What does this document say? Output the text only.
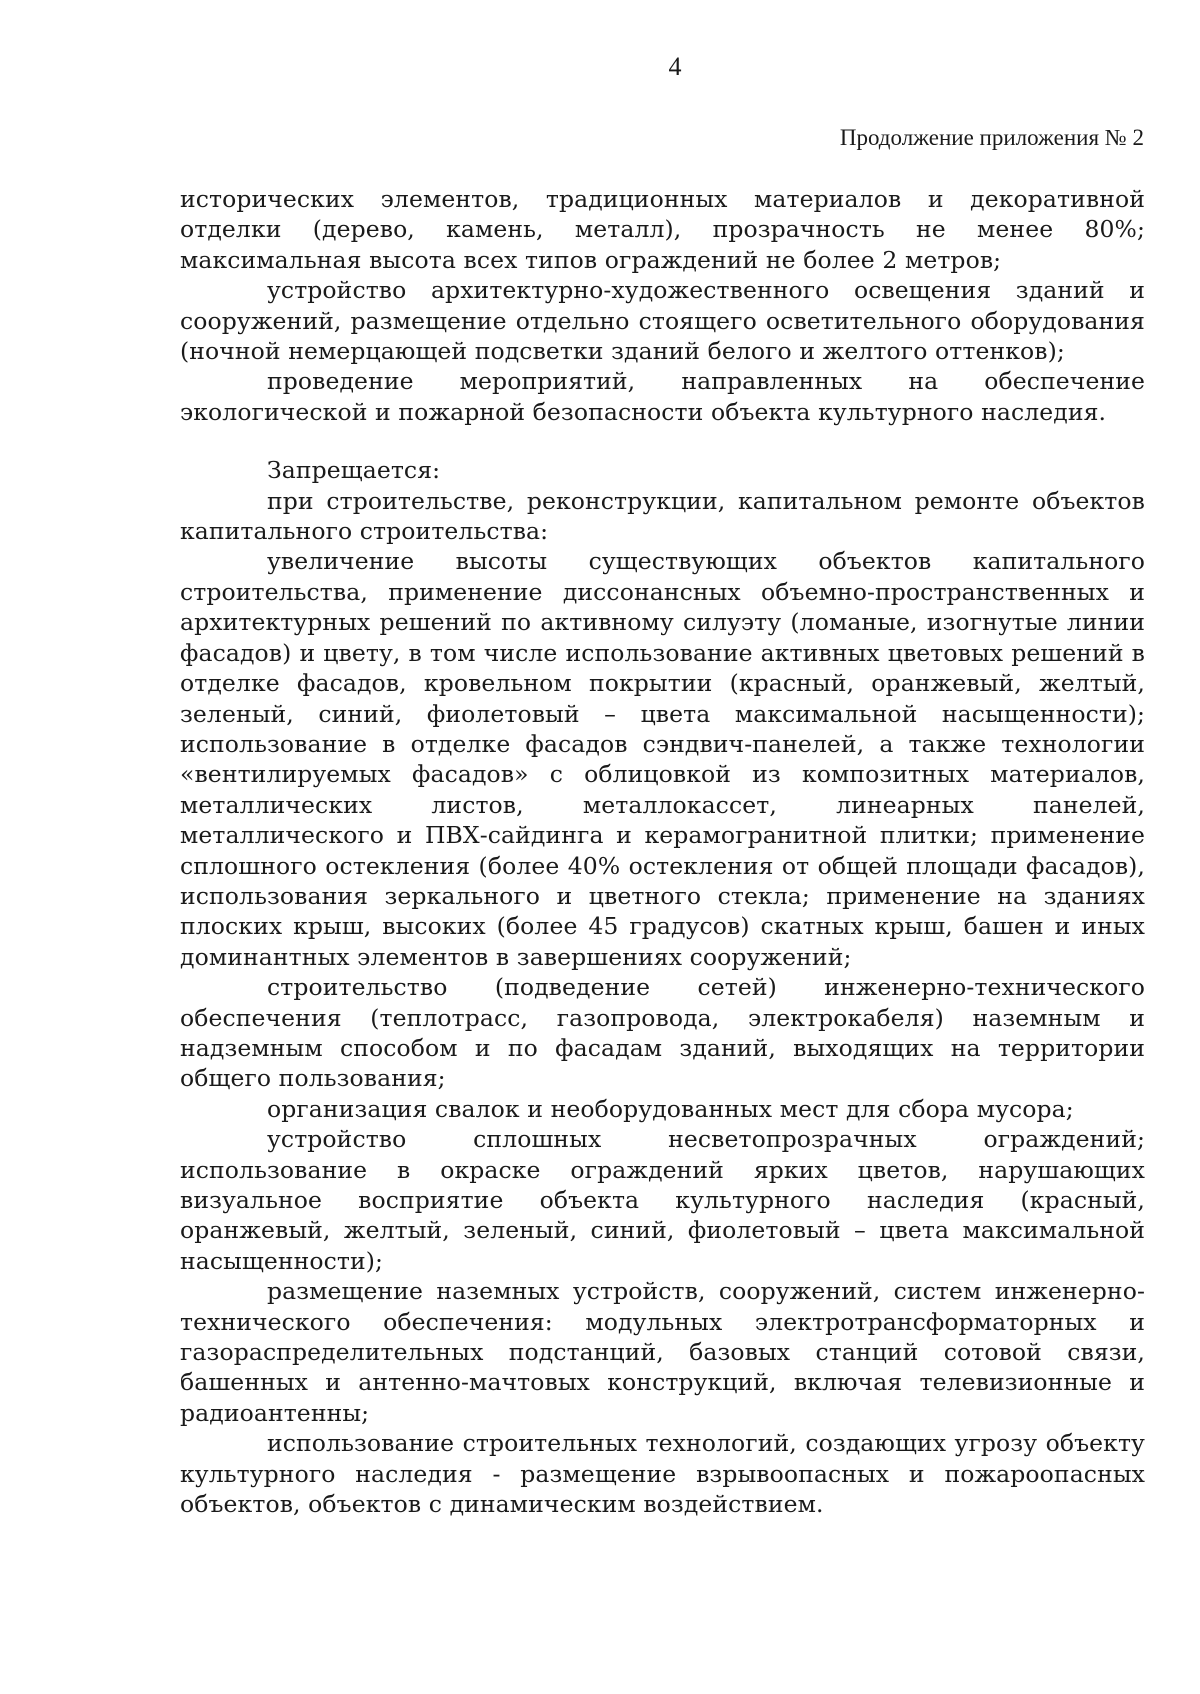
4
Продолжение приложения № 2

исторических элементов, традиционных материалов и декоративной отделки (дерево, камень, металл), прозрачность не менее 80%; максимальная высота всех типов ограждений не более 2 метров;

устройство архитектурно-художественного освещения зданий и сооружений, размещение отдельно стоящего осветительного оборудования (ночной немерцающей подсветки зданий белого и желтого оттенков);

проведение мероприятий, направленных на обеспечение экологической и пожарной безопасности объекта культурного наследия.

Запрещается:

при строительстве, реконструкции, капитальном ремонте объектов капитального строительства:

увеличение высоты существующих объектов капитального строительства, применение диссонансных объемно-пространственных и архитектурных решений по активному силуэту (ломаные, изогнутые линии фасадов) и цвету, в том числе использование активных цветовых решений в отделке фасадов, кровельном покрытии (красный, оранжевый, желтый, зеленый, синий, фиолетовый – цвета максимальной насыщенности); использование в отделке фасадов сэндвич-панелей, а также технологии «вентилируемых фасадов» с облицовкой из композитных материалов, металлических листов, металлокассет, линеарных панелей, металлического и ПВХ-сайдинга и керамогранитной плитки; применение сплошного остекления (более 40% остекления от общей площади фасадов), использования зеркального и цветного стекла; применение на зданиях плоских крыш, высоких (более 45 градусов) скатных крыш, башен и иных доминантных элементов в завершениях сооружений;

строительство (подведение сетей) инженерно-технического обеспечения (теплотрасс, газопровода, электрокабеля) наземным и надземным способом и по фасадам зданий, выходящих на территории общего пользования;

организация свалок и необорудованных мест для сбора мусора;

устройство сплошных несветопрозрачных ограждений; использование в окраске ограждений ярких цветов, нарушающих визуальное восприятие объекта культурного наследия (красный, оранжевый, желтый, зеленый, синий, фиолетовый – цвета максимальной насыщенности);

размещение наземных устройств, сооружений, систем инженерно-технического обеспечения: модульных электротрансформаторных и газораспределительных подстанций, базовых станций сотовой связи, башенных и антенно-мачтовых конструкций, включая телевизионные и радиоантенны;

использование строительных технологий, создающих угрозу объекту культурного наследия - размещение взрывоопасных и пожароопасных объектов, объектов с динамическим воздействием.
